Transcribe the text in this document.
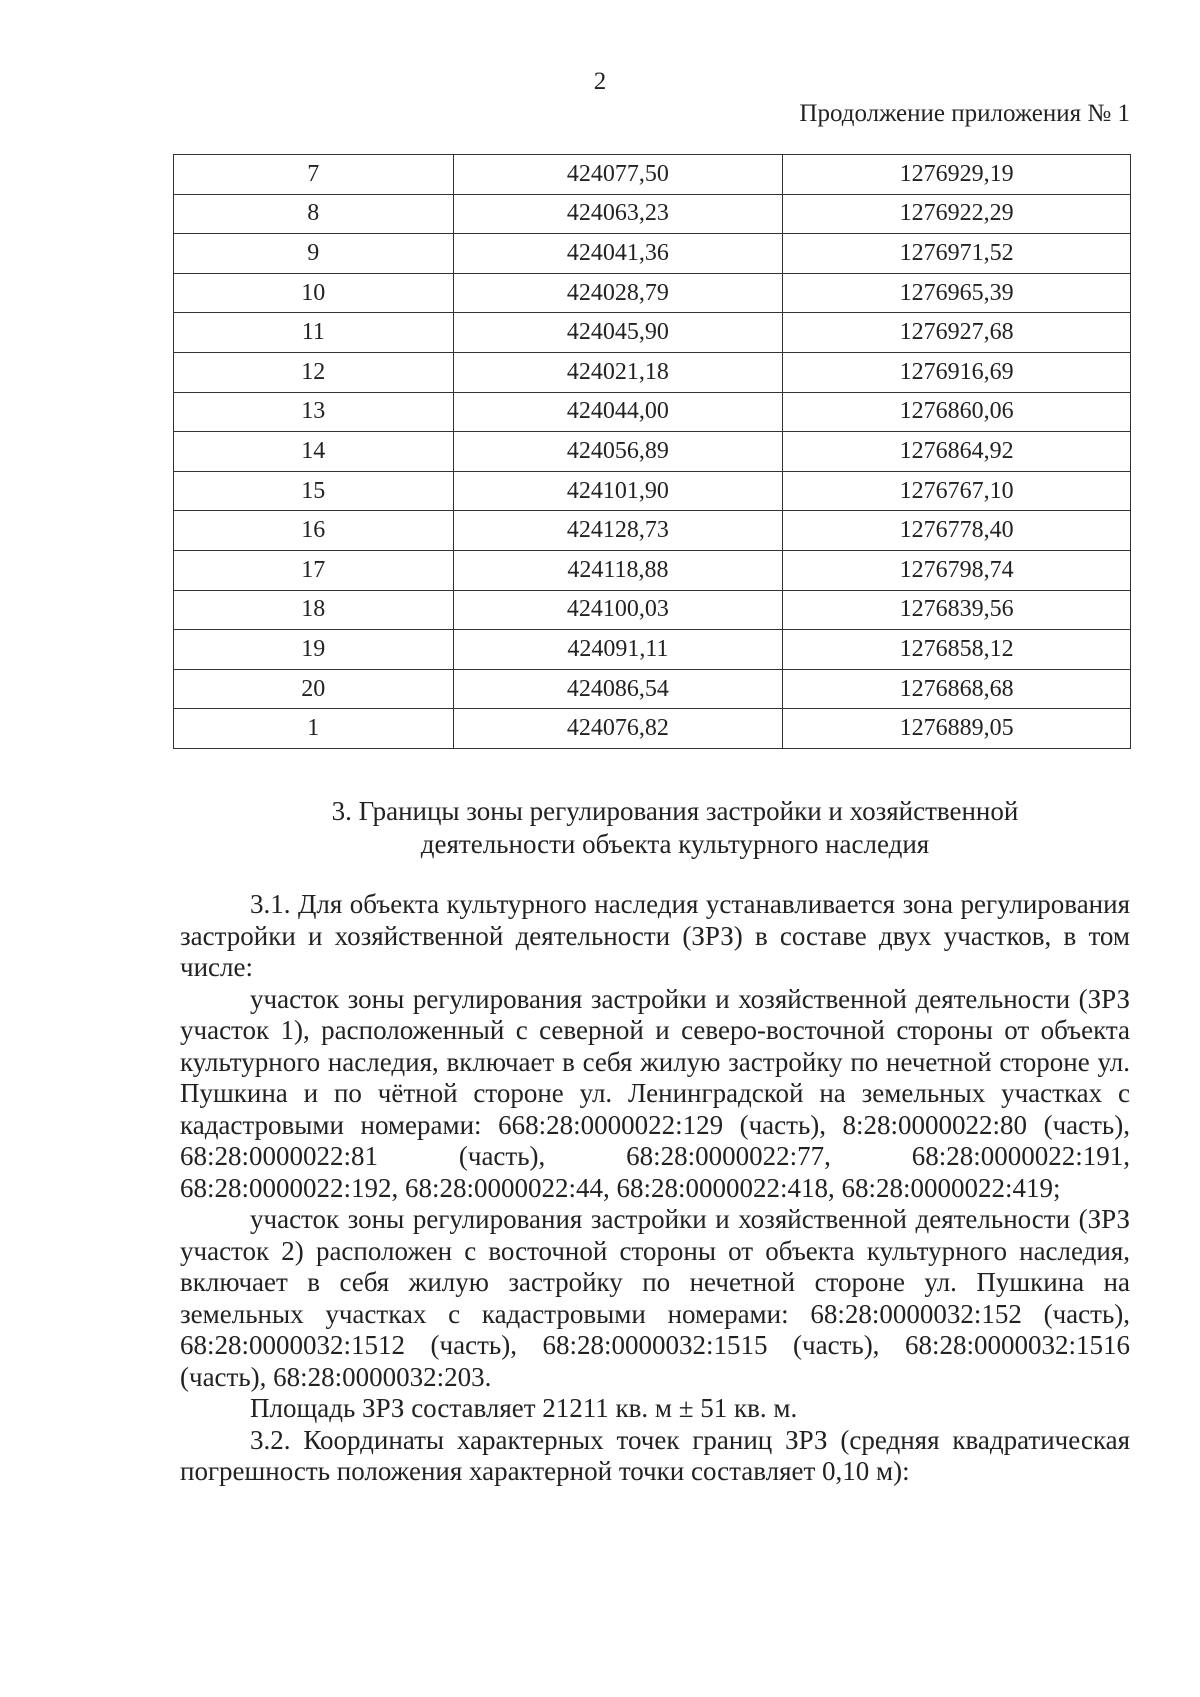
2
Продолжение приложения № 1
7	424077,50	1276929,19
8	424063,23	1276922,29
9	424041,36	1276971,52
10	424028,79	1276965,39
11	424045,90	1276927,68
12	424021,18	1276916,69
13	424044,00	1276860,06
14	424056,89	1276864,92
15	424101,90	1276767,10
16	424128,73	1276778,40
17	424118,88	1276798,74
18	424100,03	1276839,56
19	424091,11	1276858,12
20	424086,54	1276868,68
1	424076,82	1276889,05
3. Границы зоны регулирования застройки и хозяйственной
деятельности объекта культурного наследия

3.1. Для объекта культурного наследия устанавливается зона регулирования застройки и хозяйственной деятельности (ЗРЗ) в составе двух участков, в том числе:

участок зоны регулирования застройки и хозяйственной деятельности (ЗРЗ участок 1), расположенный с северной и северо-восточной стороны от объекта культурного наследия, включает в себя жилую застройку по нечетной стороне ул. Пушкина и по чётной стороне ул. Ленинградской на земельных участках с кадастровыми номерами: 668:28:0000022:129 (часть), 8:28:0000022:80 (часть), 68:28:0000022:81 (часть), 68:28:0000022:77, 68:28:0000022:191, 68:28:0000022:192, 68:28:0000022:44, 68:28:0000022:418, 68:28:0000022:419;

участок зоны регулирования застройки и хозяйственной деятельности (ЗРЗ участок 2) расположен с восточной стороны от объекта культурного наследия, включает в себя жилую застройку по нечетной стороне ул. Пушкина на земельных участках с кадастровыми номерами: 68:28:0000032:152 (часть), 68:28:0000032:1512 (часть), 68:28:0000032:1515 (часть), 68:28:0000032:1516 (часть), 68:28:0000032:203.

Площадь ЗРЗ составляет 21211 кв. м ± 51 кв. м.

3.2. Координаты характерных точек границ ЗРЗ (средняя квадратическая погрешность положения характерной точки составляет 0,10 м):
